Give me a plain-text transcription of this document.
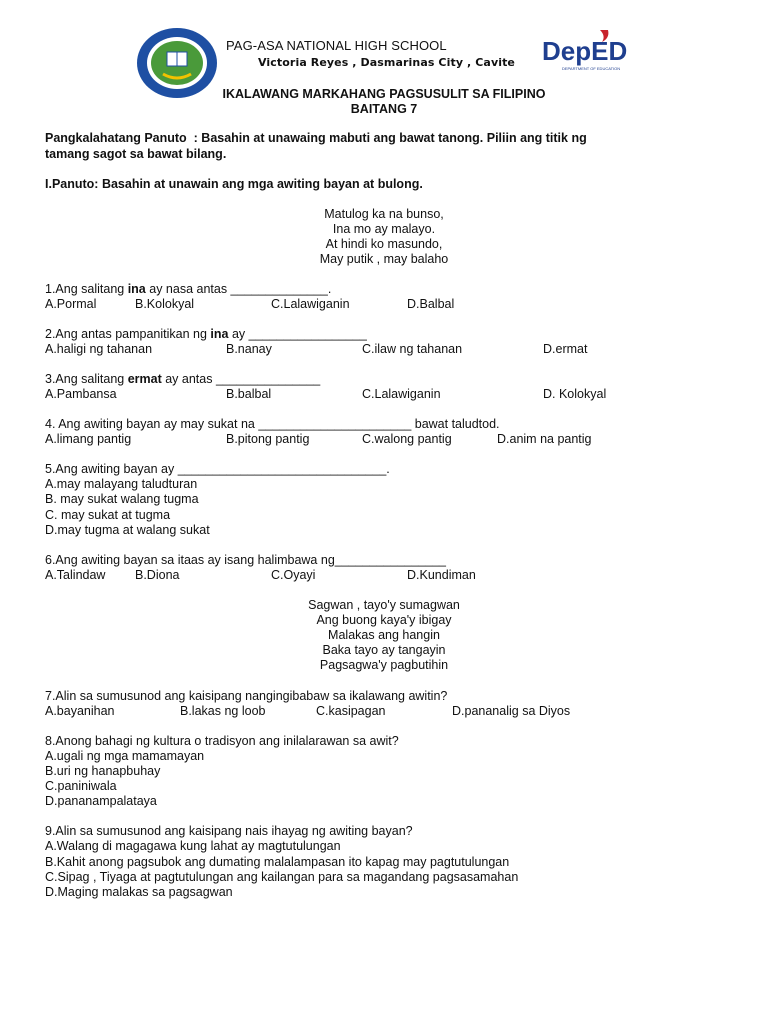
PAG-ASA NATIONAL HIGH SCHOOL
Victoria Reyes , Dasmarinas City , Cavite DepED
DEPARTMENT OF EDUCATION
IKALAWANG MARKAHANG PAGSUSULIT SA FILIPINO
BAITANG 7
Pangkalahatang Panuto  : Basahin at unawaing mabuti ang bawat tanong. Piliin ang titik ng
tamang sagot sa bawat bilang.
I.Panuto: Basahin at unawain ang mga awiting bayan at bulong.
Matulog ka na bunso,
Ina mo ay malayo.
At hindi ko masundo,
May putik , may balaho
1.Ang salitang ina ay nasa antas ______________.
A.Pormal	B.Kolokyal	C.Lalawiganin	D.Balbal
2.Ang antas pampanitikan ng ina ay _________________
A.haligi ng tahanan	B.nanay	C.ilaw ng tahanan	D.ermat
3.Ang salitang ermat ay antas _______________
A.Pambansa	B.balbal	C.Lalawiganin	D. Kolokyal
4. Ang awiting bayan ay may sukat na ______________________ bawat taludtod.
A.limang pantig	B.pitong pantig	C.walong pantig	D.anim na pantig
5.Ang awiting bayan ay ______________________________.
A.may malayang taludturan
B. may sukat walang tugma
C. may sukat at tugma
D.may tugma at walang sukat
6.Ang awiting bayan sa itaas ay isang halimbawa ng________________
A.Talindaw B.Diona	C.Oyayi	D.Kundiman
Sagwan , tayo'y sumagwan
Ang buong kaya'y ibigay
Malakas ang hangin
Baka tayo ay tangayin
Pagsagwa'y pagbutihin
7.Alin sa sumusunod ang kaisipang nangingibabaw sa ikalawang awitin?
A.bayanihan	B.lakas ng loob	C.kasipagan	D.pananalig sa Diyos
8.Anong bahagi ng kultura o tradisyon ang inilalarawan sa awit?
A.ugali ng mga mamamayan
B.uri ng hanapbuhay
C.paniniwala
D.pananampalataya
9.Alin sa sumusunod ang kaisipang nais ihayag ng awiting bayan?
A.Walang di magagawa kung lahat ay magtutulungan
B.Kahit anong pagsubok ang dumating malalampasan ito kapag may pagtutulungan
C.Sipag , Tiyaga at pagtutulungan ang kailangan para sa magandang pagsasamahan
D.Maging malakas sa pagsagwan
